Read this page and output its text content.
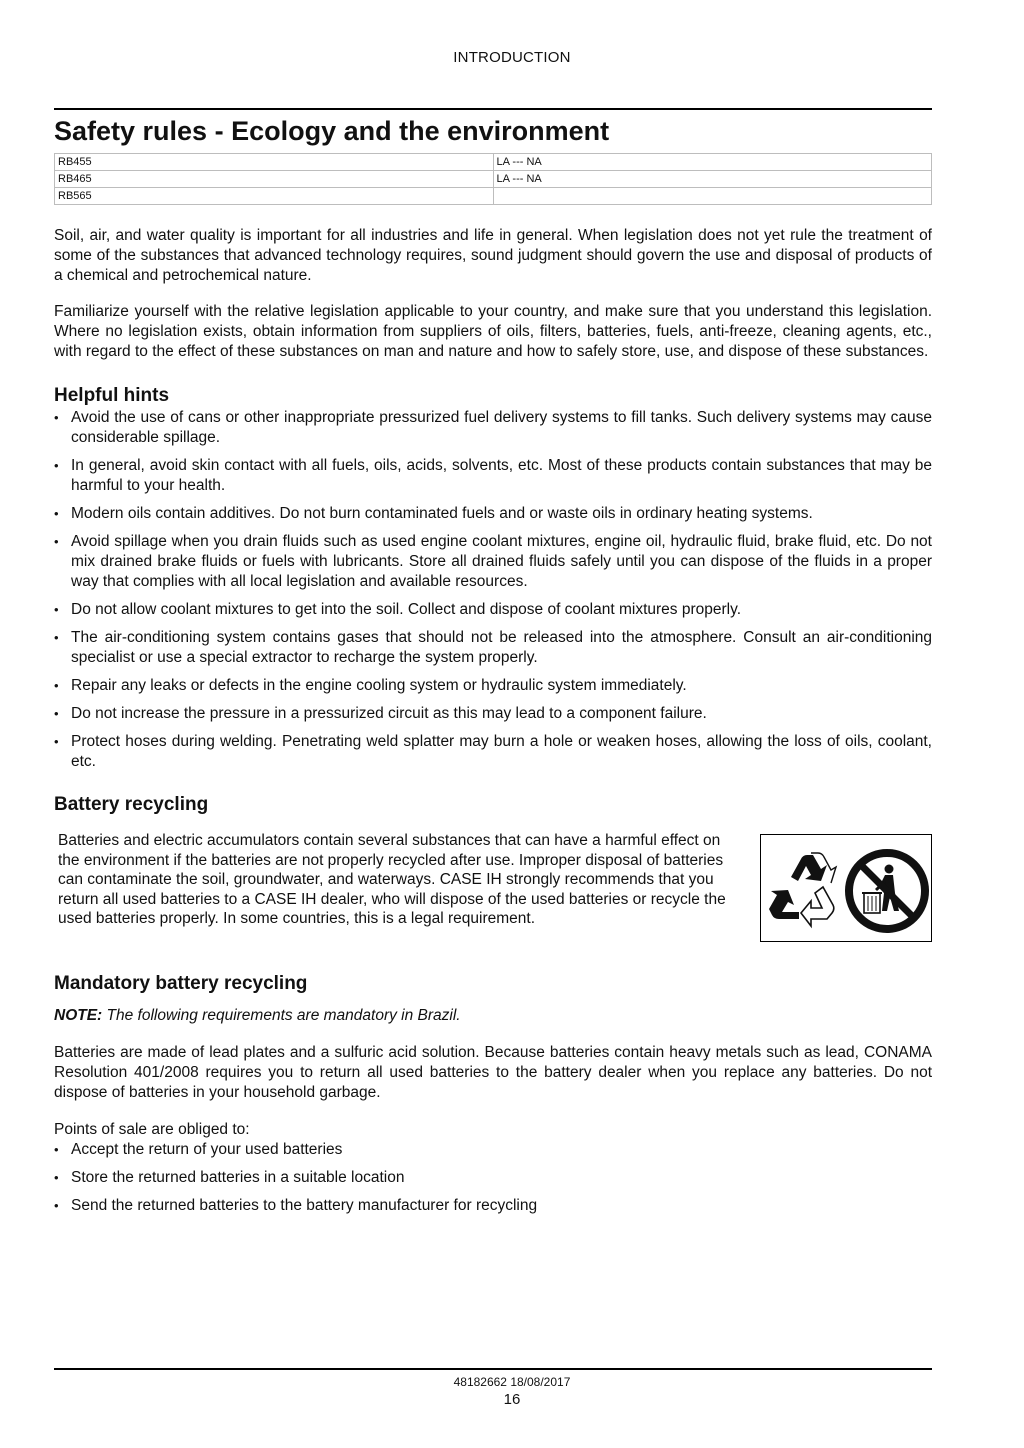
INTRODUCTION
Safety rules - Ecology and the environment
RB455	LA --- NA
RB465	LA --- NA
RB565	

Soil, air, and water quality is important for all industries and life in general. When legislation does not yet rule the treatment of some of the substances that advanced technology requires, sound judgment should govern the use and disposal of products of a chemical and petrochemical nature.

Familiarize yourself with the relative legislation applicable to your country, and make sure that you understand this legislation. Where no legislation exists, obtain information from suppliers of oils, filters, batteries, fuels, anti-freeze, cleaning agents, etc., with regard to the effect of these substances on man and nature and how to safely store, use, and dispose of these substances.

Helpful hints
• Avoid the use of cans or other inappropriate pressurized fuel delivery systems to fill tanks. Such delivery systems may cause considerable spillage.
• In general, avoid skin contact with all fuels, oils, acids, solvents, etc. Most of these products contain substances that may be harmful to your health.
• Modern oils contain additives. Do not burn contaminated fuels and or waste oils in ordinary heating systems.
• Avoid spillage when you drain fluids such as used engine coolant mixtures, engine oil, hydraulic fluid, brake fluid, etc. Do not mix drained brake fluids or fuels with lubricants. Store all drained fluids safely until you can dispose of the fluids in a proper way that complies with all local legislation and available resources.
• Do not allow coolant mixtures to get into the soil. Collect and dispose of coolant mixtures properly.
• The air-conditioning system contains gases that should not be released into the atmosphere. Consult an air-conditioning specialist or use a special extractor to recharge the system properly.
• Repair any leaks or defects in the engine cooling system or hydraulic system immediately.
• Do not increase the pressure in a pressurized circuit as this may lead to a component failure.
• Protect hoses during welding. Penetrating weld splatter may burn a hole or weaken hoses, allowing the loss of oils, coolant, etc.
Battery recycling

Batteries and electric accumulators contain several substances that can have a harmful effect on the environment if the batteries are not properly recycled after use. Improper disposal of batteries can contaminate the soil, groundwater, and waterways. CASE IH strongly recommends that you return all used batteries to a CASE IH dealer, who will dispose of the used batteries or recycle the used batteries properly. In some countries, this is a legal requirement.

Mandatory battery recycling

NOTE: The following requirements are mandatory in Brazil.

Batteries are made of lead plates and a sulfuric acid solution. Because batteries contain heavy metals such as lead, CONAMA Resolution 401/2008 requires you to return all used batteries to the battery dealer when you replace any batteries. Do not dispose of batteries in your household garbage.

Points of sale are obliged to:

• Accept the return of your used batteries
• Store the returned batteries in a suitable location
• Send the returned batteries to the battery manufacturer for recycling
48182662 18/08/2017
16
